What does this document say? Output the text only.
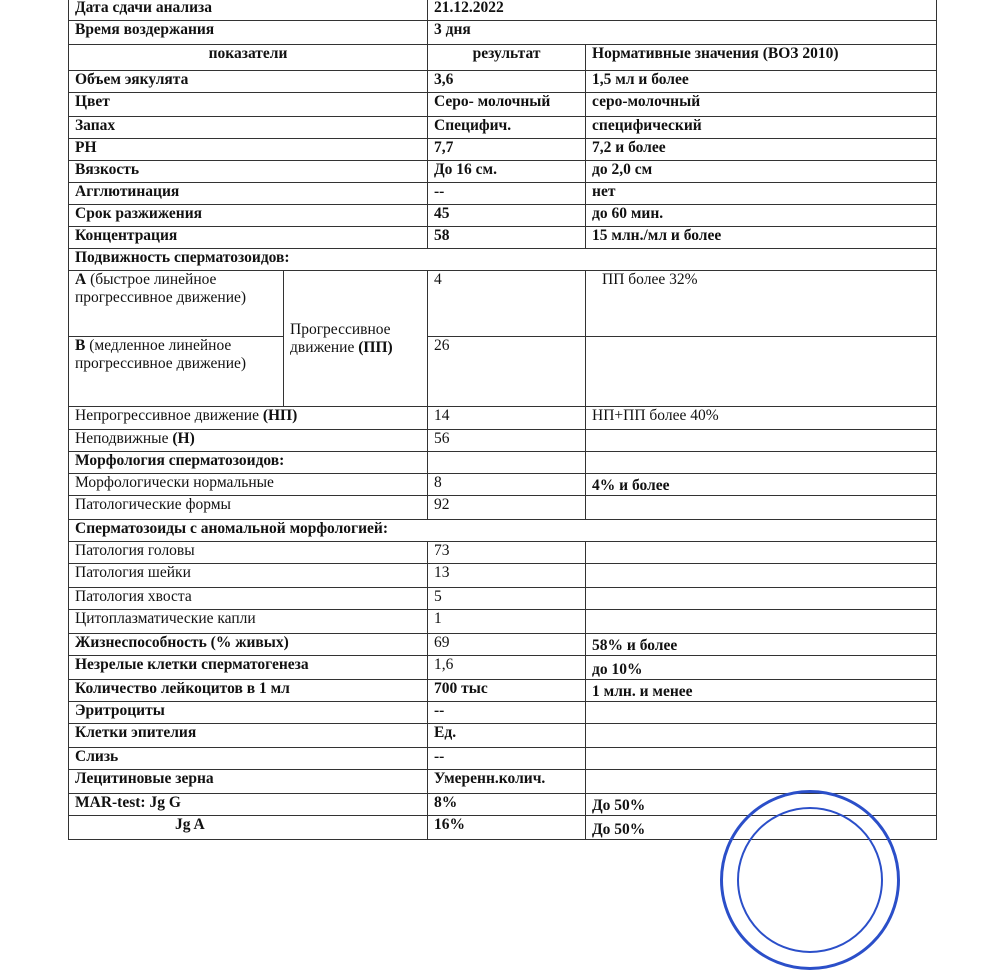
Дата сдачи анализа		21.12.2022	
Время воздержания		3 дня	
показатели		результат	Нормативные значения (ВОЗ 2010)
Объем эякулята		3,6	1,5 мл и более
Цвет		Серо- молочный	серо-молочный
Запах		Специфич.	специфический
PH		7,7	7,2 и более
Вязкость		До 16 см.	до 2,0 см
Агглютинация		--	нет
Срок разжижения		45	до 60 мин.
Концентрация		58	15 млн./мл и более
Подвижность сперматозоидов:			
А (быстрое линейное прогрессивное движение)	Прогрессивное движение (ПП)	4	ПП более 32%
В (медленное линейное прогрессивное движение)		26	
Непрогрессивное движение (НП)		14	НП+ПП более 40%
Неподвижные (Н)		56	
Морфология сперматозоидов:			
Морфологически нормальные		8	4% и более
Патологические формы		92	
Сперматозоиды с аномальной морфологией:			
Патология головы		73	
Патология шейки		13	
Патология хвоста		5	
Цитоплазматические капли		1	
Жизнеспособность (% живых)		69	58% и более
Незрелые клетки сперматогенеза		1,6	до 10%
Количество лейкоцитов в 1 мл		700 тыс	1 млн. и менее
Эритроциты		--	
Клетки эпителия		Ед.	
Слизь		--	
Лецитиновые зерна		Умеренн.колич.	
MAR-test: Jg G		8%	До 50%
Jg A		16%	До 50%
